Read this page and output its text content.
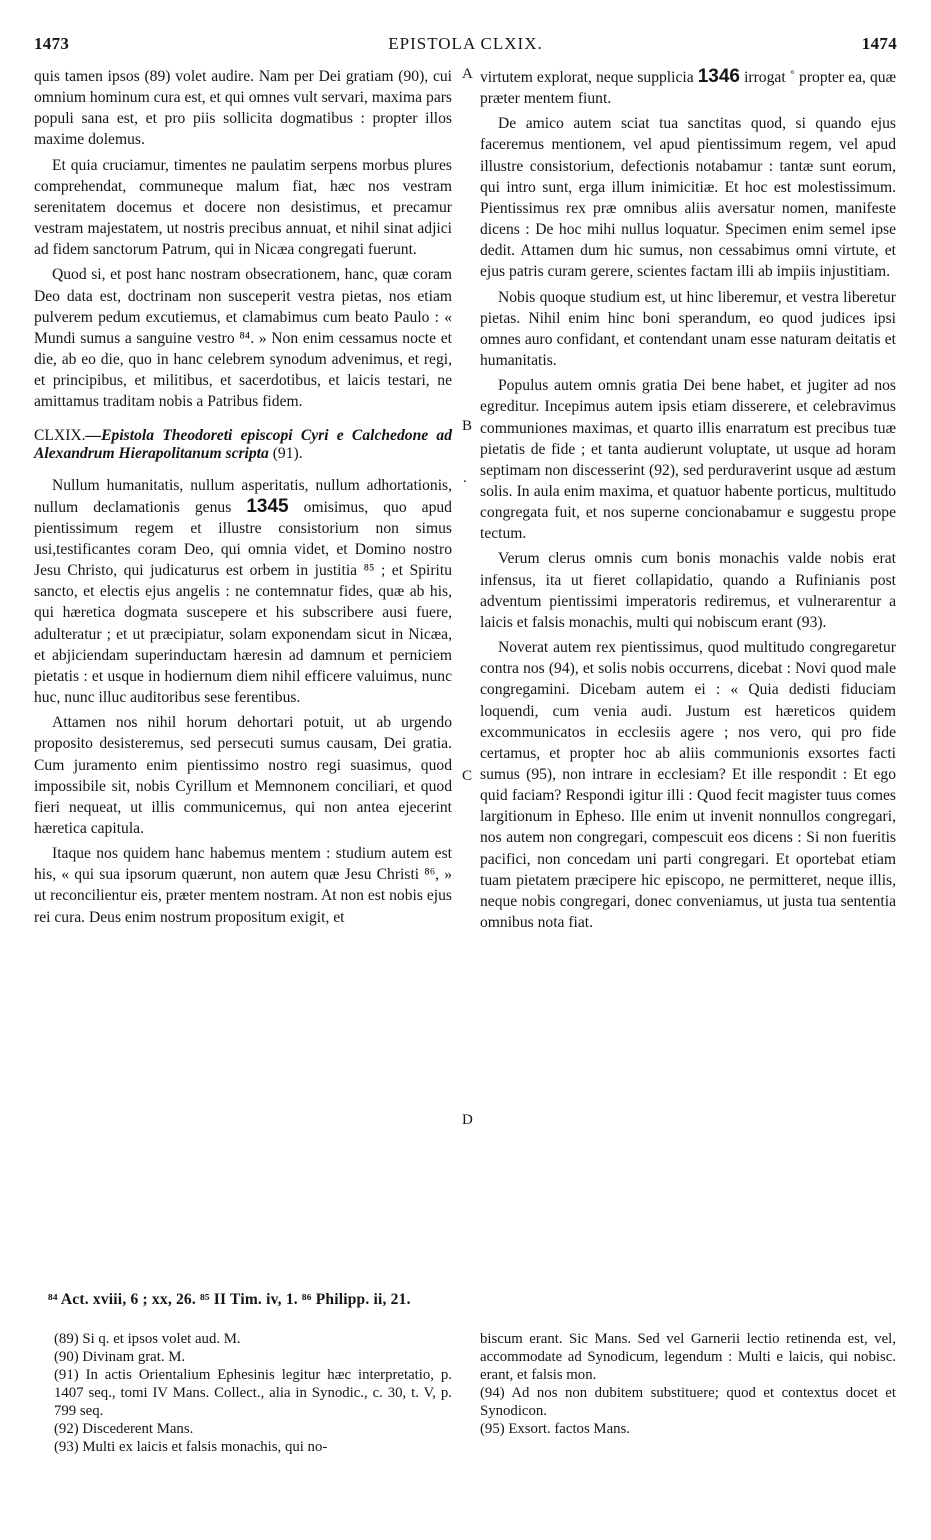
1473	EPISTOLA CLXIX.	1474

quis tamen ipsos (89) volet audire. Nam per Dei gratiam (90), cui omnium hominum cura est, et qui omnes vult servari, maxima pars populi sana est, et pro piis sollicita dogmatibus : propter illos maxime dolemus.

Et quia cruciamur, timentes ne paulatim serpens morbus plures comprehendat, communeque malum fiat, hæc nos vestram serenitatem docemus et docere non desistimus, et precamur vestram majestatem, ut nostris precibus annuat, et nihil sinat adjici ad fidem sanctorum Patrum, qui in Nicæa congregati fuerunt.

Quod si, et post hanc nostram obsecrationem, hanc, quæ coram Deo data est, doctrinam non susceperit vestra pietas, nos etiam pulverem pedum excutiemus, et clamabimus cum beato Paulo : « Mundi sumus a sanguine vestro ⁸⁴. » Non enim cessamus nocte et die, ab eo die, quo in hanc celebrem synodum advenimus, et regi, et principibus, et militibus, et sacerdotibus, et laicis testari, ne amittamus traditam nobis a Patribus fidem.

CLXIX.—Epistola Theodoreti episcopi Cyri e Calchedone ad Alexandrum Hierapolitanum scripta (91).

Nullum humanitatis, nullum asperitatis, nullum adhortationis, nullum declamationis genus 1345 omisimus, quo apud pientissimum regem et illustre consistorium non simus usi,testificantes coram Deo, qui omnia videt, et Domino nostro Jesu Christo, qui judicaturus est orbem in justitia ⁸⁵ ; et Spiritu sancto, et electis ejus angelis : ne contemnatur fides, quæ ab his, qui hæretica dogmata suscepere et his subscribere ausi fuere, adulteratur ; et ut præcipiatur, solam exponendam sicut in Nicæa, et abjiciendam superinductam hæresin ad damnum et perniciem pietatis : et usque in hodiernum diem nihil efficere valuimus, nunc huc, nunc illuc auditoribus sese ferentibus.

Attamen nos nihil horum dehortari potuit, ut ab urgendo proposito desisteremus, sed persecuti sumus causam, Dei gratia. Cum juramento enim pientissimo nostro regi suasimus, quod impossibile sit, nobis Cyrillum et Memnonem conciliari, et quod fieri nequeat, ut illis communicemus, qui non antea ejecerint hæretica capitula.

Itaque nos quidem hanc habemus mentem : studium autem est his, « qui sua ipsorum quærunt, non autem quæ Jesu Christi ⁸⁶, » ut reconcilientur eis, præter mentem nostram. At non est nobis ejus rei cura. Deus enim nostrum propositum exigit, et

virtutem explorat, neque supplicia 1346 irrogat ˚ propter ea, quæ præter mentem fiunt.

De amico autem sciat tua sanctitas quod, si quando ejus faceremus mentionem, vel apud pientissimum regem, vel apud illustre consistorium, defectionis notabamur : tantæ sunt eorum, qui intro sunt, erga illum inimicitiæ. Et hoc est molestissimum. Pientissimus rex præ omnibus aliis aversatur nomen, manifeste dicens : De hoc mihi nullus loquatur. Specimen enim semel ipse dedit. Attamen dum hic sumus, non cessabimus omni virtute, et ejus patris curam gerere, scientes factam illi ab impiis injustitiam.

Nobis quoque studium est, ut hinc liberemur, et vestra liberetur pietas. Nihil enim hinc boni sperandum, eo quod judices ipsi omnes auro confidant, et contendant unam esse naturam deitatis et humanitatis.

Populus autem omnis gratia Dei bene habet, et jugiter ad nos egreditur. Incepimus autem ipsis etiam disserere, et celebravimus communiones maximas, et quarto illis enarratum est precibus tuæ pietatis de fide ; et tanta audierunt voluptate, ut usque ad horam septimam non discesserint (92), sed perduraverint usque ad æstum solis. In aula enim maxima, et quatuor habente porticus, multitudo congregata fuit, et nos superne concionabamur e suggestu prope tectum.

Verum clerus omnis cum bonis monachis valde nobis erat infensus, ita ut fieret collapidatio, quando a Rufinianis post adventum pientissimi imperatoris rediremus, et vulnerarentur a laicis et falsis monachis, multi qui nobiscum erant (93).

Noverat autem rex pientissimus, quod multitudo congregaretur contra nos (94), et solis nobis occurrens, dicebat : Novi quod male congregamini. Dicebam autem ei : « Quia dedisti fiduciam loquendi, cum venia audi. Justum est hæreticos quidem excommunicatos in ecclesiis agere ; nos vero, qui pro fide certamus, et propter hoc ab aliis communionis exsortes facti sumus (95), non intrare in ecclesiam? Et ille respondit : Et ego quid faciam? Respondi igitur illi : Quod fecit magister tuus comes largitionum in Epheso. Ille enim ut invenit nonnullos congregari, nos autem non congregari, compescuit eos dicens : Si non fueritis pacifici, non concedam uni parti congregari. Et oportebat etiam tuam pietatem præcipere hic episcopo, ne permitteret, neque illis, neque nobis congregari, donec conveniamus, ut justa tua sententia omnibus nota fiat.

A
B
.
C
D
⁸⁴ Act. xviii, 6 ; xx, 26. ⁸⁵ II Tim. iv, 1. ⁸⁶ Philipp. ii, 21.
(89) Si q. et ipsos volet aud. M.
(90) Divinam grat. M.
(91) In actis Orientalium Ephesinis legitur hæc interpretatio, p. 1407 seq., tomi IV Mans. Collect., alia in Synodic., c. 30, t. V, p. 799 seq.
(92) Discederent Mans.
(93) Multi ex laicis et falsis monachis, qui no-
biscum erant. Sic Mans. Sed vel Garnerii lectio retinenda est, vel, accommodate ad Synodicum, legendum : Multi e laicis, qui nobisc. erant, et falsis mon.
(94) Ad nos non dubitem substituere; quod et contextus docet et Synodicon.
(95) Exsort. factos Mans.
